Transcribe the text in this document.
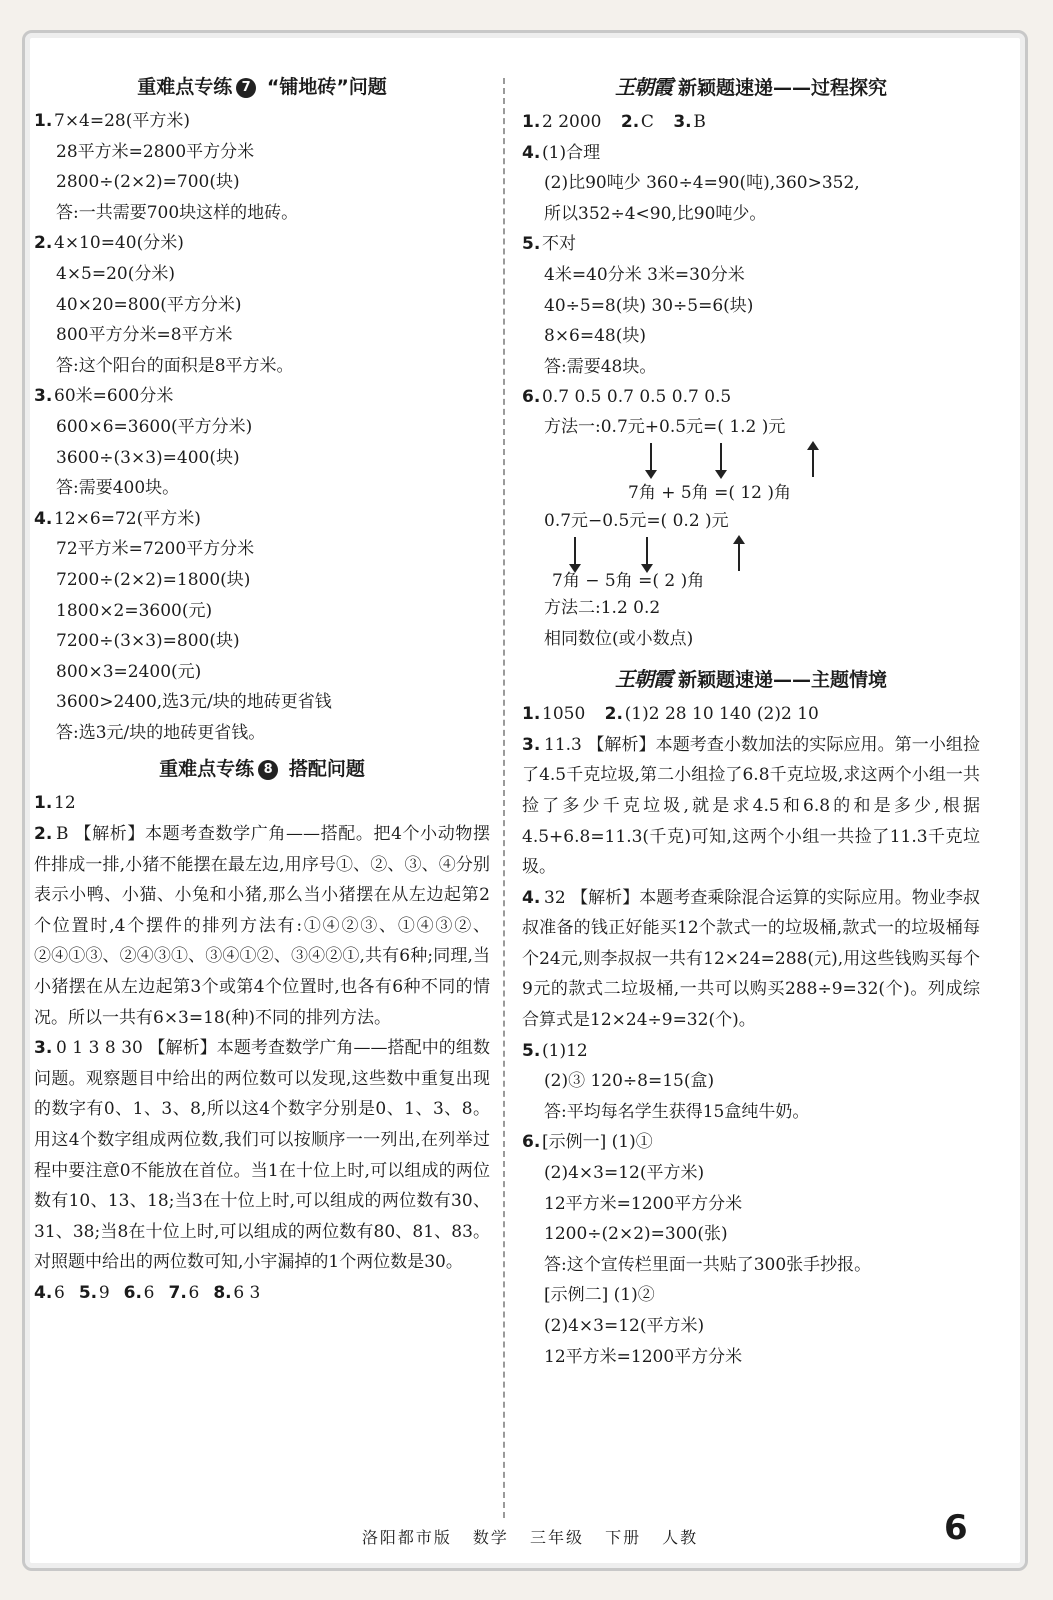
重难点专练 7 “铺地砖”问题
1. 7×4=28(平方米)
28平方米=2800平方分米
2800÷(2×2)=700(块)
答:一共需要700块这样的地砖。
2. 4×10=40(分米)
4×5=20(分米)
40×20=800(平方分米)
800平方分米=8平方米
答:这个阳台的面积是8平方米。
3. 60米=600分米
600×6=3600(平方分米)
3600÷(3×3)=400(块)
答:需要400块。
4. 12×6=72(平方米)
72平方米=7200平方分米
7200÷(2×2)=1800(块)
1800×2=3600(元)
7200÷(3×3)=800(块)
800×3=2400(元)
3600>2400,选3元/块的地砖更省钱
答:选3元/块的地砖更省钱。
重难点专练 8 搭配问题
1. 12
2. B 【解析】本题考查数学广角——搭配。把4个小动物摆件排成一排,小猪不能摆在最左边,用序号①、②、③、④分别表示小鸭、小猫、小兔和小猪,那么当小猪摆在从左边起第2个位置时,4个摆件的排列方法有:①④②③、①④③②、②④①③、②④③①、③④①②、③④②①,共有6种;同理,当小猪摆在从左边起第3个或第4个位置时,也各有6种不同的情况。所以一共有6×3=18(种)不同的排列方法。
3. 0 1 3 8 30 【解析】本题考查数学广角——搭配中的组数问题。观察题目中给出的两位数可以发现,这些数中重复出现的数字有0、1、3、8,所以这4个数字分别是0、1、3、8。用这4个数字组成两位数,我们可以按顺序一一列出,在列举过程中要注意0不能放在首位。当1在十位上时,可以组成的两位数有10、13、18;当3在十位上时,可以组成的两位数有30、31、38;当8在十位上时,可以组成的两位数有80、81、83。对照题中给出的两位数可知,小宇漏掉的1个两位数是30。
4. 6 5. 9 6. 6 7. 6 8. 6 3
王朝霞 新颖题速递——过程探究
1. 2 2000 2. C 3. B
4. (1)合理
(2)比90吨少 360÷4=90(吨),360>352,
所以352÷4<90,比90吨少。
5. 不对
4米=40分米 3米=30分米
40÷5=8(块) 30÷5=6(块)
8×6=48(块)
答:需要48块。
6. 0.7 0.5 0.7 0.5 0.7 0.5
方法一:0.7元+0.5元=( 1.2 )元
7角 + 5角 =( 12 )角
0.7元−0.5元=( 0.2 )元
7角 − 5角 =( 2 )角
方法二:1.2 0.2
相同数位(或小数点)
王朝霞 新颖题速递——主题情境
1. 1050 2. (1)2 28 10 140 (2)2 10
3. 11.3 【解析】本题考查小数加法的实际应用。第一小组捡了4.5千克垃圾,第二小组捡了6.8千克垃圾,求这两个小组一共捡了多少千克垃圾,就是求4.5和6.8的和是多少,根据4.5+6.8=11.3(千克)可知,这两个小组一共捡了11.3千克垃圾。
4. 32 【解析】本题考查乘除混合运算的实际应用。物业李叔叔准备的钱正好能买12个款式一的垃圾桶,款式一的垃圾桶每个24元,则李叔叔一共有12×24=288(元),用这些钱购买每个9元的款式二垃圾桶,一共可以购买288÷9=32(个)。列成综合算式是12×24÷9=32(个)。
5. (1)12
(2)③ 120÷8=15(盒)
答:平均每名学生获得15盒纯牛奶。
6. [示例一] (1)①
(2)4×3=12(平方米)
12平方米=1200平方分米
1200÷(2×2)=300(张)
答:这个宣传栏里面一共贴了300张手抄报。
[示例二] (1)②
(2)4×3=12(平方米)
12平方米=1200平方分米
洛阳都市版 数学 三年级 下册 人教	6
